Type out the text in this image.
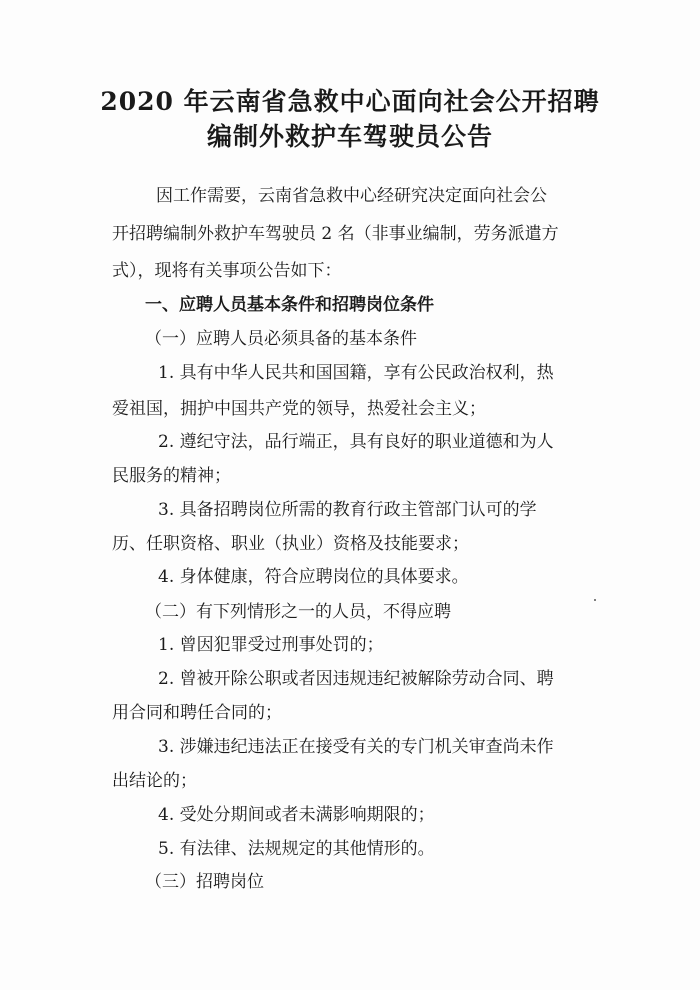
2020 年云南省急救中心面向社会公开招聘
编制外救护车驾驶员公告
因工作需要，云南省急救中心经研究决定面向社会公
开招聘编制外救护车驾驶员 2 名（非事业编制，劳务派遣方
式），现将有关事项公告如下：
一、应聘人员基本条件和招聘岗位条件
（一）应聘人员必须具备的基本条件
1. 具有中华人民共和国国籍，享有公民政治权利，热
爱祖国，拥护中国共产党的领导，热爱社会主义；
2. 遵纪守法，品行端正，具有良好的职业道德和为人
民服务的精神；
3. 具备招聘岗位所需的教育行政主管部门认可的学
历、任职资格、职业（执业）资格及技能要求；
4. 身体健康，符合应聘岗位的具体要求。
（二）有下列情形之一的人员，不得应聘
1. 曾因犯罪受过刑事处罚的；
2. 曾被开除公职或者因违规违纪被解除劳动合同、聘
用合同和聘任合同的；
3. 涉嫌违纪违法正在接受有关的专门机关审查尚未作
出结论的；
4. 受处分期间或者未满影响期限的；
5. 有法律、法规规定的其他情形的。
（三）招聘岗位
